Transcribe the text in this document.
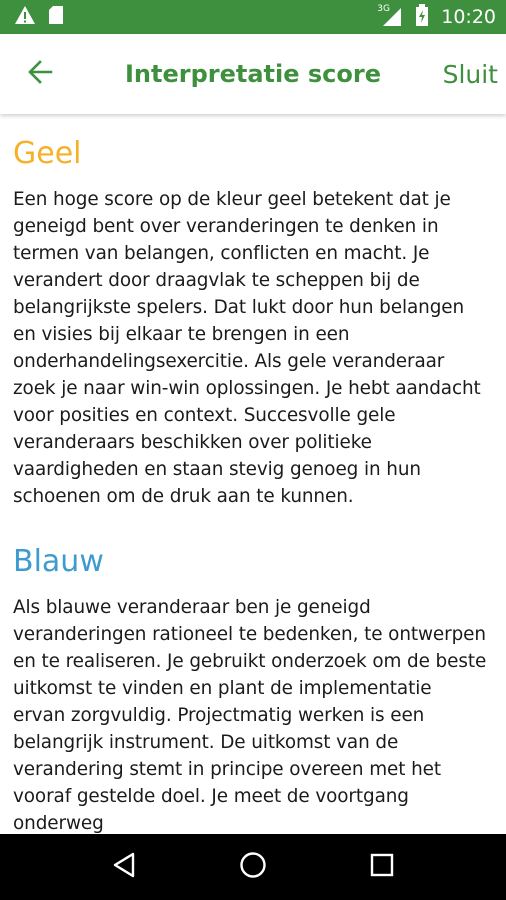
3G	10:20
Interpretatie score	Sluit
Geel

Een hoge score op de kleur geel betekent dat je geneigd bent over veranderingen te denken in termen van belangen, conflicten en macht. Je verandert door draagvlak te scheppen bij de belangrijkste spelers. Dat lukt door hun belangen en visies bij elkaar te brengen in een onderhandelingsexercitie. Als gele veranderaar zoek je naar win-win oplossingen. Je hebt aandacht voor posities en context. Succesvolle gele veranderaars beschikken over politieke vaardigheden en staan stevig genoeg in hun schoenen om de druk aan te kunnen.

Blauw

Als blauwe veranderaar ben je geneigd veranderingen rationeel te bedenken, te ontwerpen en te realiseren. Je gebruikt onderzoek om de beste uitkomst te vinden en plant de implementatie ervan zorgvuldig. Projectmatig werken is een belangrijk instrument. De uitkomst van de verandering stemt in principe overeen met het vooraf gestelde doel. Je meet de voortgang onderweg
